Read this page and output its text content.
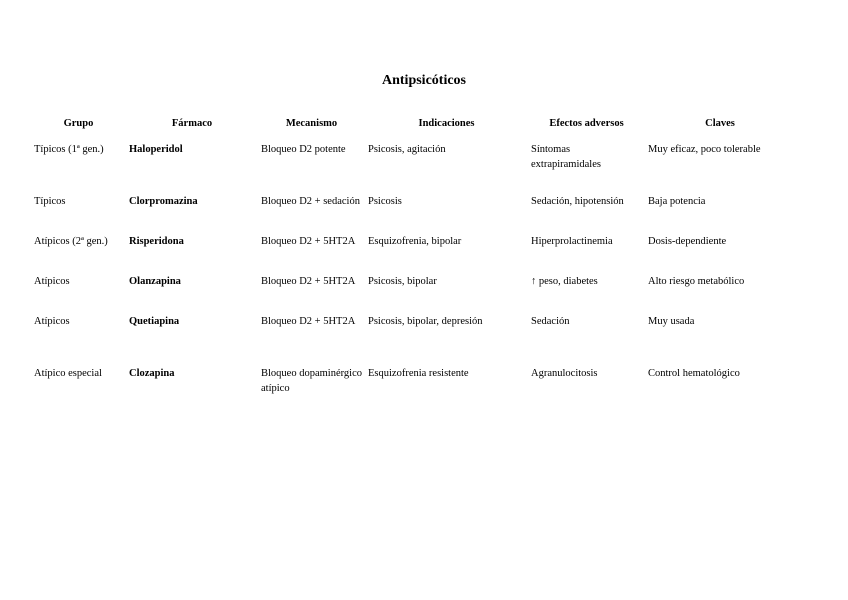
Antipsicóticos
Grupo	Fármaco	Mecanismo	Indicaciones	Efectos adversos	Claves
Típicos (1ª gen.)	Haloperidol	Bloqueo D2 potente	Psicosis, agitación	Síntomas extrapiramidales	Muy eficaz, poco tolerable
Típicos	Clorpromazina	Bloqueo D2 + sedación	Psicosis	Sedación, hipotensión	Baja potencia
Atípicos (2ª gen.)	Risperidona	Bloqueo D2 + 5HT2A	Esquizofrenia, bipolar	Hiperprolactinemia	Dosis-dependiente
Atípicos	Olanzapina	Bloqueo D2 + 5HT2A	Psicosis, bipolar	↑ peso, diabetes	Alto riesgo metabólico
Atípicos	Quetiapina	Bloqueo D2 + 5HT2A	Psicosis, bipolar, depresión	Sedación	Muy usada
Atípico especial	Clozapina	Bloqueo dopaminérgico atípico	Esquizofrenia resistente	Agranulocitosis	Control hematológico
